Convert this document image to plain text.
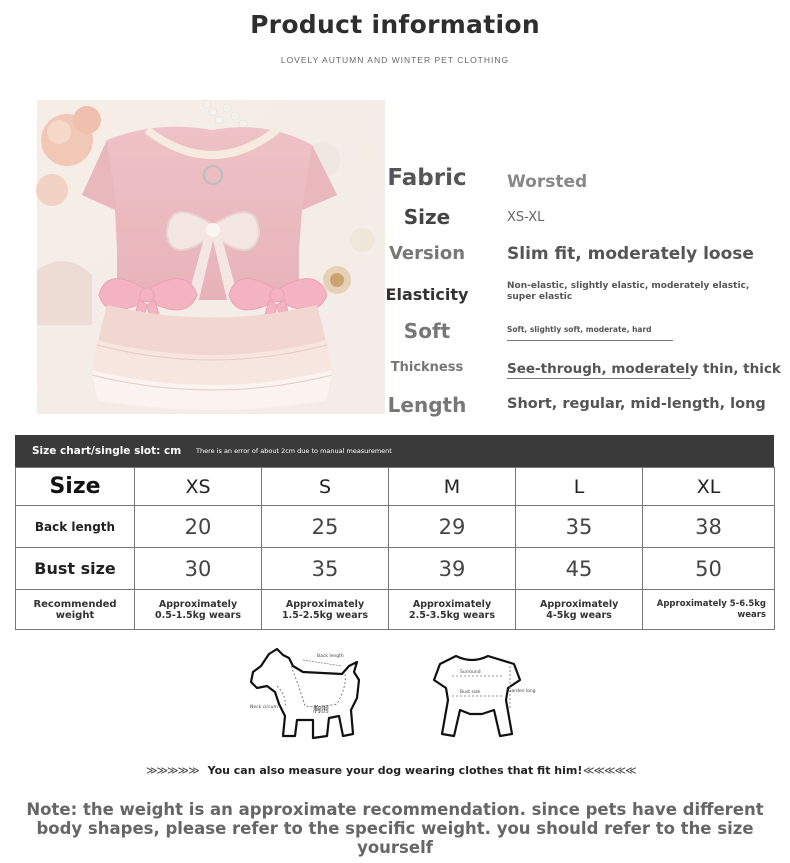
Product information
LOVELY AUTUMN AND WINTER PET CLOTHING
Fabric	Worsted
Size	XS-XL
Version	Slim fit, moderately loose
Elasticity	Non-elastic, slightly elastic, moderately elastic, super elastic
Soft	Soft, slightly soft, moderate, hard
Thickness	See-through, moderately thin, thick
Length	Short, regular, mid-length, long
Size chart/single slot: cm There is an error of about 2cm due to manual measurement
Size	XS	S	M	L	XL
Back length	20	25	29	35	38
Bust size	30	35	39	45	50
Recommended weight	Approximately 0.5-1.5kg wears	Approximately 1.5-2.5kg wears	Approximately 2.5-3.5kg wears	Approximately 4-5kg wears	Approximately 5-6.5kg wears
Back length
Neck circum	胸围
Surround
Bust size	Garden long
≫≫≫≫≫ You can also measure your dog wearing clothes that fit him! ≪≪≪≪≪
Note: the weight is an approximate recommendation. since pets have different body shapes, please refer to the specific weight. you should refer to the size yourself
